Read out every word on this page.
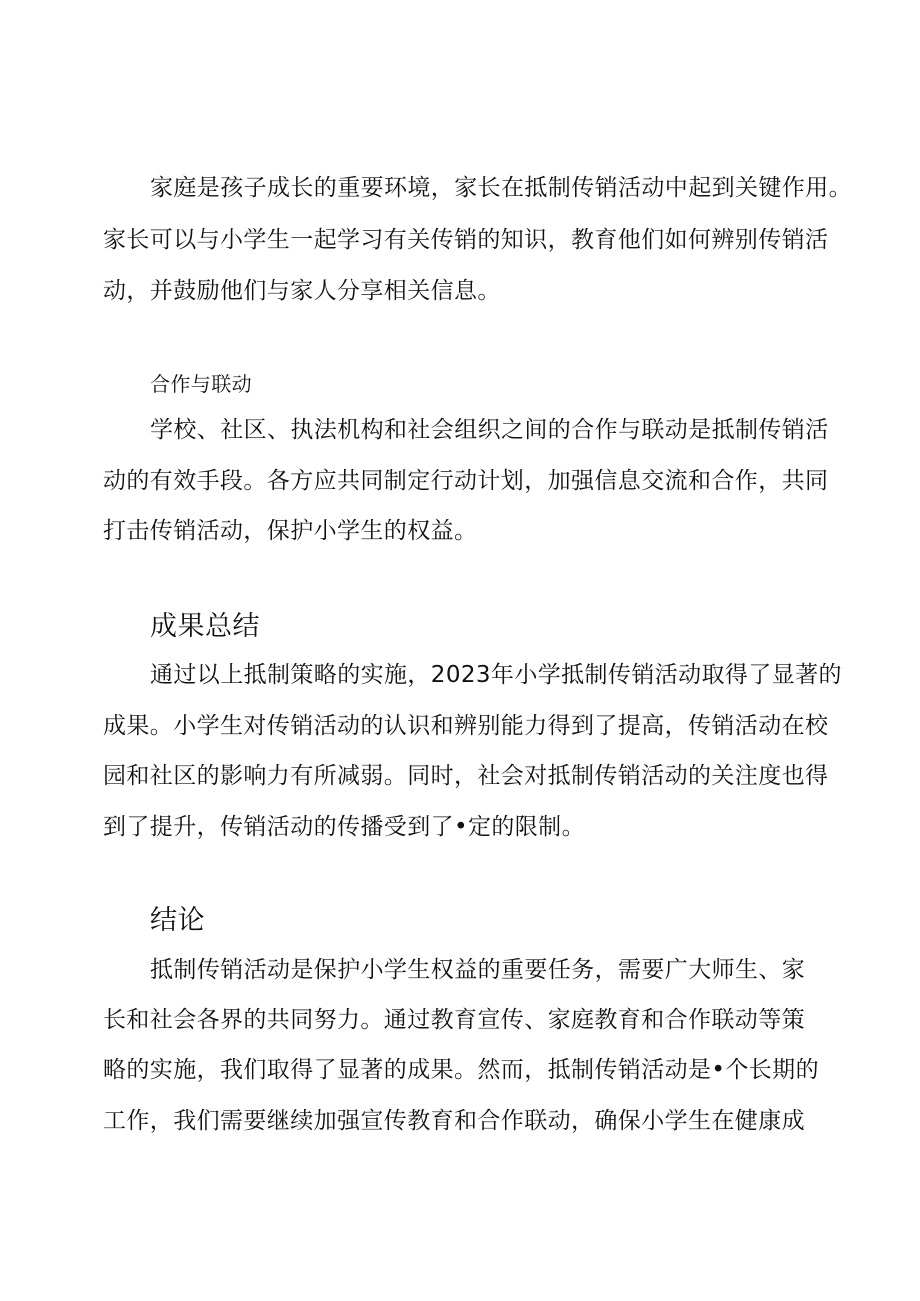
家庭是孩子成长的重要环境，家长在抵制传销活动中起到关键作用。
家长可以与小学生一起学习有关传销的知识，教育他们如何辨别传销活
动，并鼓励他们与家人分享相关信息。
合作与联动
学校、社区、执法机构和社会组织之间的合作与联动是抵制传销活
动的有效手段。各方应共同制定行动计划，加强信息交流和合作，共同
打击传销活动，保护小学生的权益。
成果总结
通过以上抵制策略的实施，2023年小学抵制传销活动取得了显著的
成果。小学生对传销活动的认识和辨别能力得到了提高，传销活动在校
园和社区的影响力有所减弱。同时，社会对抵制传销活动的关注度也得
到了提升，传销活动的传播受到了•定的限制。
结论
抵制传销活动是保护小学生权益的重要任务，需要广大师生、家
长和社会各界的共同努力。通过教育宣传、家庭教育和合作联动等策
略的实施，我们取得了显著的成果。然而，抵制传销活动是•个长期的
工作，我们需要继续加强宣传教育和合作联动，确保小学生在健康成
